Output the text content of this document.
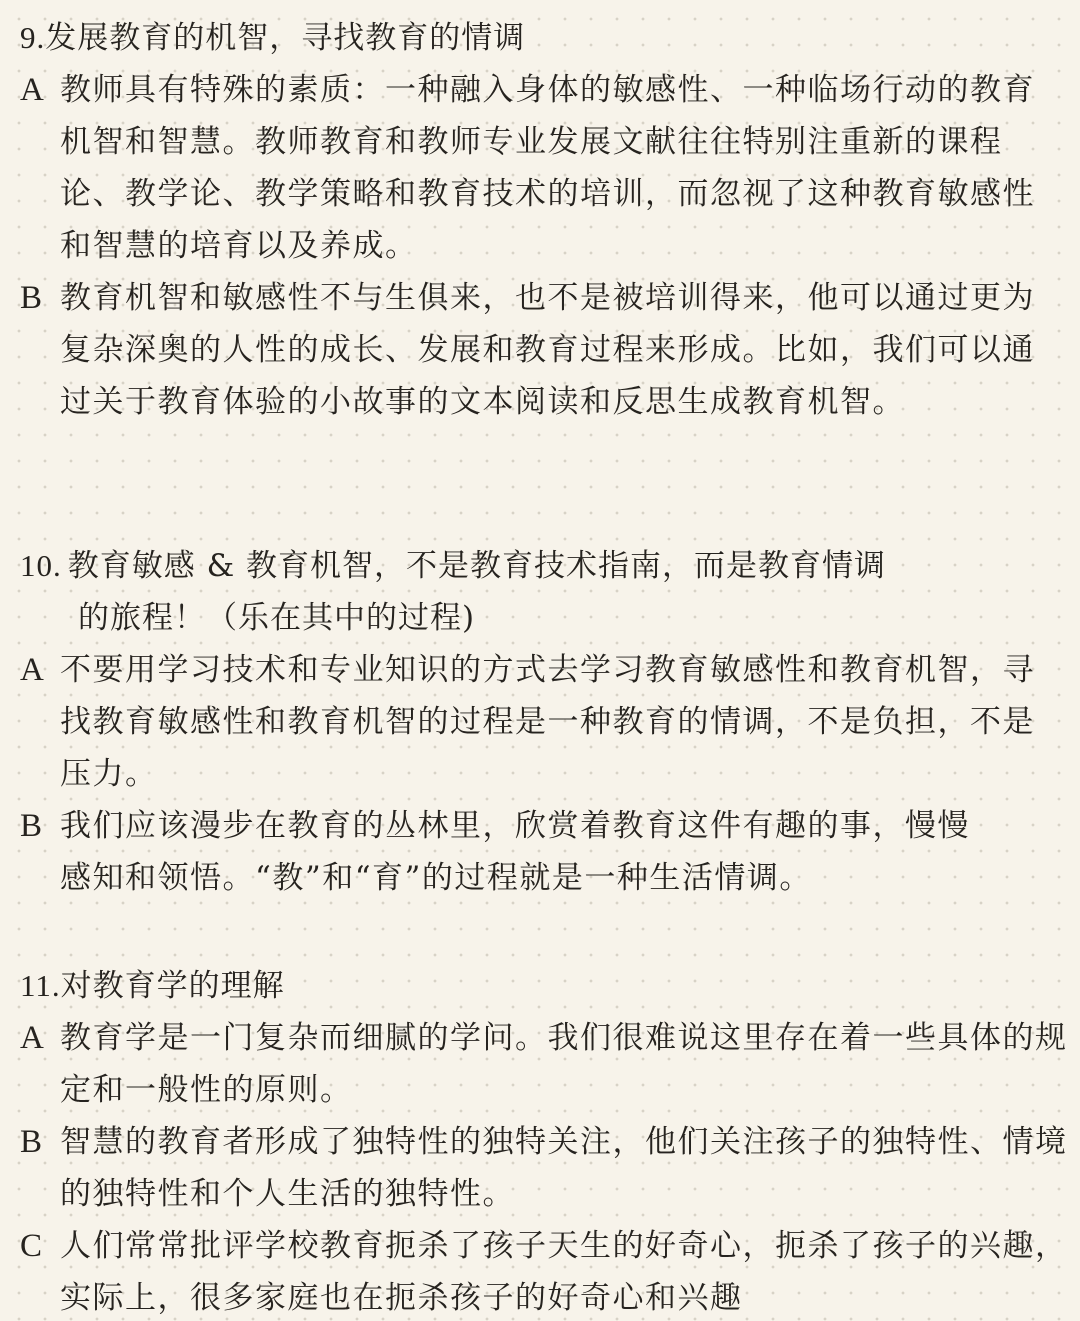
9.发展教育的机智，寻找教育的情调
A 教师具有特殊的素质：一种融入身体的敏感性、一种临场行动的教育机智和智慧。教师教育和教师专业发展文献往往特别注重新的课程论、教学论、教学策略和教育技术的培训，而忽视了这种教育敏感性和智慧的培育以及养成。
B 教育机智和敏感性不与生俱来，也不是被培训得来，他可以通过更为复杂深奥的人性的成长、发展和教育过程来形成。比如，我们可以通过关于教育体验的小故事的文本阅读和反思生成教育机智。
10. 教育敏感 & 教育机智，不是教育技术指南，而是教育情调
的旅程！（乐在其中的过程)
A 不要用学习技术和专业知识的方式去学习教育敏感性和教育机智，寻找教育敏感性和教育机智的过程是一种教育的情调，不是负担，不是压力。
B 我们应该漫步在教育的丛林里，欣赏着教育这件有趣的事，慢慢感知和领悟。“教”和“育”的过程就是一种生活情调。
11.对教育学的理解
A 教育学是一门复杂而细腻的学问。我们很难说这里存在着一些具体的规定和一般性的原则。
B 智慧的教育者形成了独特性的独特关注，他们关注孩子的独特性、情境的独特性和个人生活的独特性。
C 人们常常批评学校教育扼杀了孩子天生的好奇心，扼杀了孩子的兴趣，实际上，很多家庭也在扼杀孩子的好奇心和兴趣
